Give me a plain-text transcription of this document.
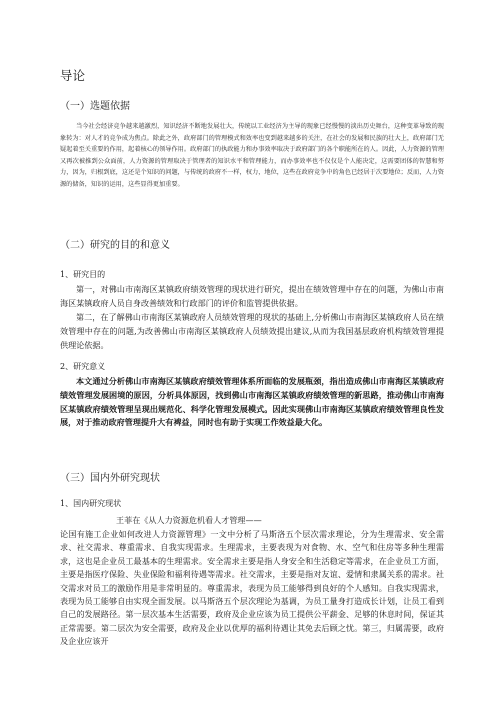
导论
（一）选题依据

当今社会经济竞争越来越激烈，知识经济不断地发展壮大，传统以工业经济为主导的现象已经慢慢的淡出历史舞台，这种变革导致的现象转为：对人才的竞争成为焦点。除此之外，政府部门的管理模式和效率也变到越来越多的关注，在社会的发展和民族的壮大上，政府部门无疑起着至关重要的作用，起着核心的领导作用。政府部门的执政能力和办事效率取决于政府部门的各个职能所在的人。因此，人力资源的管理又再次被推到公众面前，人力资源的管理取决于管理者的知识水平和管理能力，而办事效率也不仅仅是个人能决定，这需要团体的智慧和努力，因为，归根到底，这还是个知识的问题，与传统的政府不一样，权力，地位，这些在政府竞争中的角色已经居于次要地位；反而，人力资源的储备，知识的运用，这些显得更加重要。

（二）研究的目的和意义
1、研究目的

第一，对佛山市南海区某镇政府绩效管理的现状进行研究，提出在绩效管理中存在的问题，为佛山市南海区某镇政府人员自身改善绩效和行政部门的评价和监管提供依据。

第二，在了解佛山市南海区某镇政府人员绩效管理的现状的基础上,分析佛山市南海区某镇政府人员在绩效管理中存在的问题,为改善佛山市南海区某镇政府人员绩效提出建议,从而为我国基层政府机构绩效管理提供理论依据。

2、研究意义

本文通过分析佛山市南海区某镇政府绩效管理体系所面临的发展瓶颈，指出造成佛山市南海区某镇政府绩效管理发展困境的原因，分析具体原因，找到佛山市南海区某镇政府绩效管理的新思路，推动佛山市南海区某镇政府绩效管理呈现出规范化、科学化管理发展模式。因此实现佛山市南海区某镇政府绩效管理良性发展，对于推动政府管理提升大有裨益，同时也有助于实现工作效益最大化。

（三）国内外研究现状
1、国内研究现状

王菲在《从人力资源危机看人才管理——

论国有施工企业如何改进人力资源管理》一文中分析了马斯洛五个层次需求理论，分为生理需求、安全需求、社交需求、尊重需求、自我实现需求。生理需求，主要表现为对食物、水、空气和住房等多种生理需求，这也是企业员工最基本的生理需求。安全需求主要是指人身安全和生活稳定等需求，在企业员工方面，主要是指医疗保险、失业保险和福利待遇等需求。社交需求，主要是指对友谊、爱情和隶属关系的需求。社交需求对员工的激励作用是非常明显的。尊重需求，表现为员工能够得到良好的个人感知。自我实现需求，表现为员工能够自由实现全面发展。以马斯洛五个层次理论为基调，为员工量身打造成长计划，让员工看到自己的发展路径。第一层次基本生活需要，政府及企业应该为员工提供公平薪金、足够的休息时间，保证其正常需要。第二层次为安全需要，政府及企业以优厚的福利待遇让其免去后顾之忧。第三，归属需要，政府及企业应该开
